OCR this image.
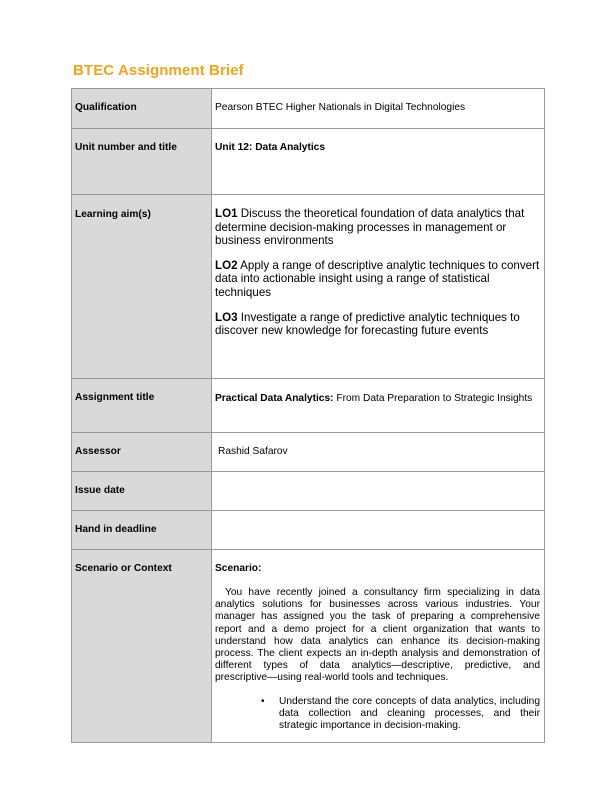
BTEC Assignment Brief
Qualification	Pearson BTEC Higher Nationals in Digital Technologies

Unit number and title	Unit 12: Data Analytics

Learning aim(s)	LO1 Discuss the theoretical foundation of data analytics that determine decision-making processes in management or business environments
LO2 Apply a range of descriptive analytic techniques to convert data into actionable insight using a range of statistical techniques
LO3 Investigate a range of predictive analytic techniques to discover new knowledge for forecasting future events

Assignment title	Practical Data Analytics: From Data Preparation to Strategic Insights

Assessor	Rashid Safarov

Issue date	

Hand in deadline	

Scenario or Context	Scenario:
You have recently joined a consultancy firm specializing in data analytics solutions for businesses across various industries. Your manager has assigned you the task of preparing a comprehensive report and a demo project for a client organization that wants to understand how data analytics can enhance its decision-making process. The client expects an in-depth analysis and demonstration of different types of data analytics—descriptive, predictive, and prescriptive—using real-world tools and techniques.
• Understand the core concepts of data analytics, including data collection and cleaning processes, and their strategic importance in decision-making.
